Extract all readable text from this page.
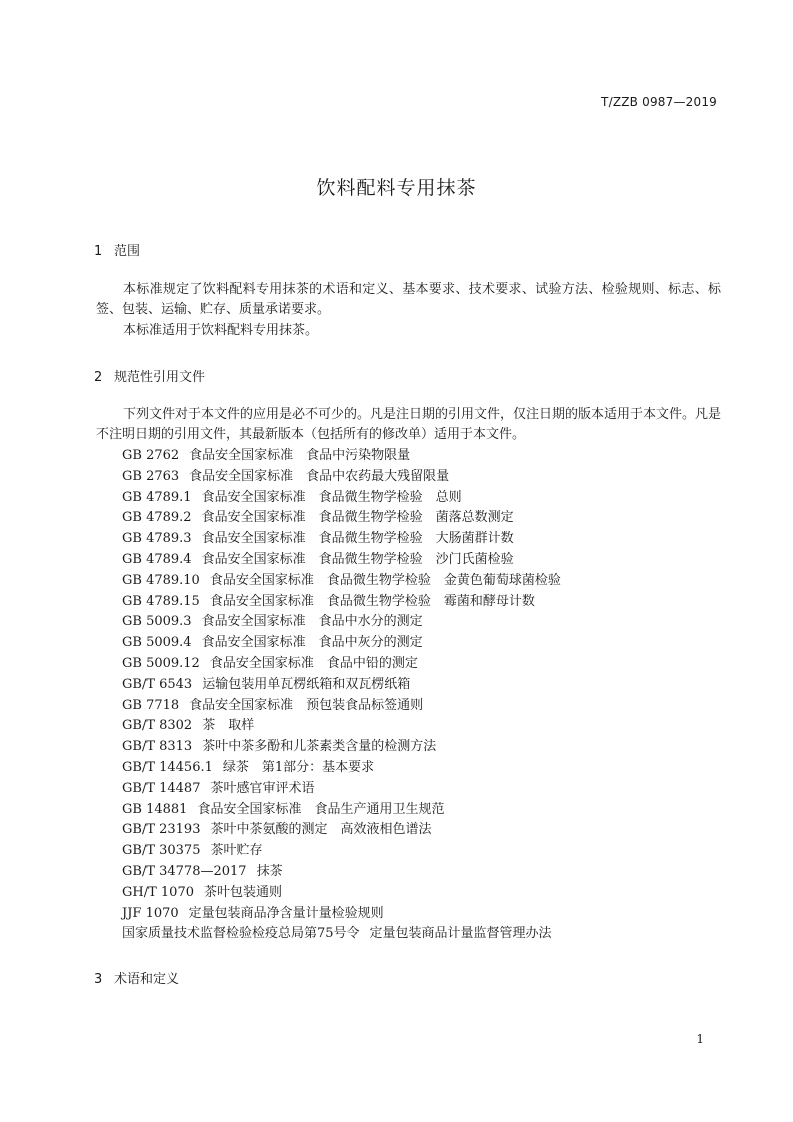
T/ZZB 0987—2019
饮料配料专用抹茶
1 范围
本标准规定了饮料配料专用抹茶的术语和定义、基本要求、技术要求、试验方法、检验规则、标志、标签、包装、运输、贮存、质量承诺要求。
本标准适用于饮料配料专用抹茶。
2 规范性引用文件
下列文件对于本文件的应用是必不可少的。凡是注日期的引用文件，仅注日期的版本适用于本文件。凡是不注明日期的引用文件，其最新版本（包括所有的修改单）适用于本文件。
GB 2762 食品安全国家标准　食品中污染物限量
GB 2763 食品安全国家标准　食品中农药最大残留限量
GB 4789.1 食品安全国家标准　食品微生物学检验　总则
GB 4789.2 食品安全国家标准　食品微生物学检验　菌落总数测定
GB 4789.3 食品安全国家标准　食品微生物学检验　大肠菌群计数
GB 4789.4 食品安全国家标准　食品微生物学检验　沙门氏菌检验
GB 4789.10 食品安全国家标准　食品微生物学检验　金黄色葡萄球菌检验
GB 4789.15 食品安全国家标准　食品微生物学检验　霉菌和酵母计数
GB 5009.3 食品安全国家标准　食品中水分的测定
GB 5009.4 食品安全国家标准　食品中灰分的测定
GB 5009.12 食品安全国家标准　食品中铅的测定
GB/T 6543 运输包装用单瓦楞纸箱和双瓦楞纸箱
GB 7718 食品安全国家标准　预包装食品标签通则
GB/T 8302 茶　取样
GB/T 8313 茶叶中茶多酚和儿茶素类含量的检测方法
GB/T 14456.1 绿茶　第1部分：基本要求
GB/T 14487 茶叶感官审评术语
GB 14881 食品安全国家标准　食品生产通用卫生规范
GB/T 23193 茶叶中茶氨酸的测定　高效液相色谱法
GB/T 30375 茶叶贮存
GB/T 34778—2017 抹茶
GH/T 1070 茶叶包装通则
JJF 1070 定量包装商品净含量计量检验规则
国家质量技术监督检验检疫总局第75号令 定量包装商品计量监督管理办法
3 术语和定义
1
